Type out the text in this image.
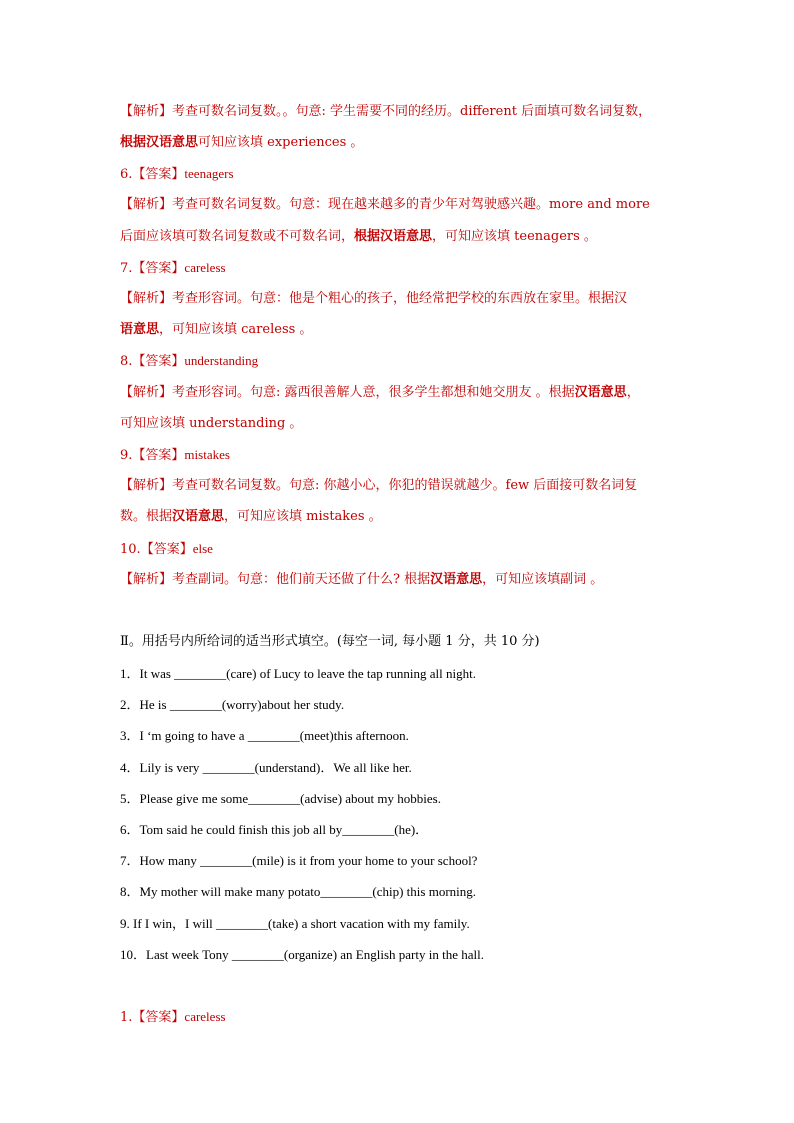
【解析】考查可数名词复数。。句意: 学生需要不同的经历。different 后面填可数名词复数，
根据汉语意思可知应该填 experiences 。
6.【答案】teenagers
【解析】考查可数名词复数。句意：现在越来越多的青少年对驾驶感兴趣。more and more
后面应该填可数名词复数或不可数名词，根据汉语意思，可知应该填 teenagers 。
7.【答案】careless
【解析】考查形容词。句意：他是个粗心的孩子，他经常把学校的东西放在家里。根据汉
语意思，可知应该填 careless 。
8.【答案】understanding
【解析】考查形容词。句意: 露西很善解人意，很多学生都想和她交朋友 。根据汉语意思，
可知应该填 understanding 。
9.【答案】mistakes
【解析】考查可数名词复数。句意: 你越小心，你犯的错误就越少。few 后面接可数名词复
数。根据汉语意思，可知应该填 mistakes 。
10.【答案】else
【解析】考查副词。句意：他们前天还做了什么? 根据汉语意思，可知应该填副词 。
Ⅱ。用括号内所给词的适当形式填空。(每空一词, 每小题 1 分，共 10 分)
1．It was ________(care) of Lucy to leave the tap running all night.
2．He is ________(worry)about her study.
3．I ‘m going to have a ________(meet)this afternoon.
4．Lily is very ________(understand)．We all like her.
5．Please give me some________(advise) about my hobbies.
6．Tom said he could finish this job all by________(he)．
7．How many ________(mile) is it from your home to your school?
8．My mother will make many potato________(chip) this morning.
9. If I win，I will ________(take) a short vacation with my family.
10．Last week Tony ________(organize) an English party in the hall.
1.【答案】careless
